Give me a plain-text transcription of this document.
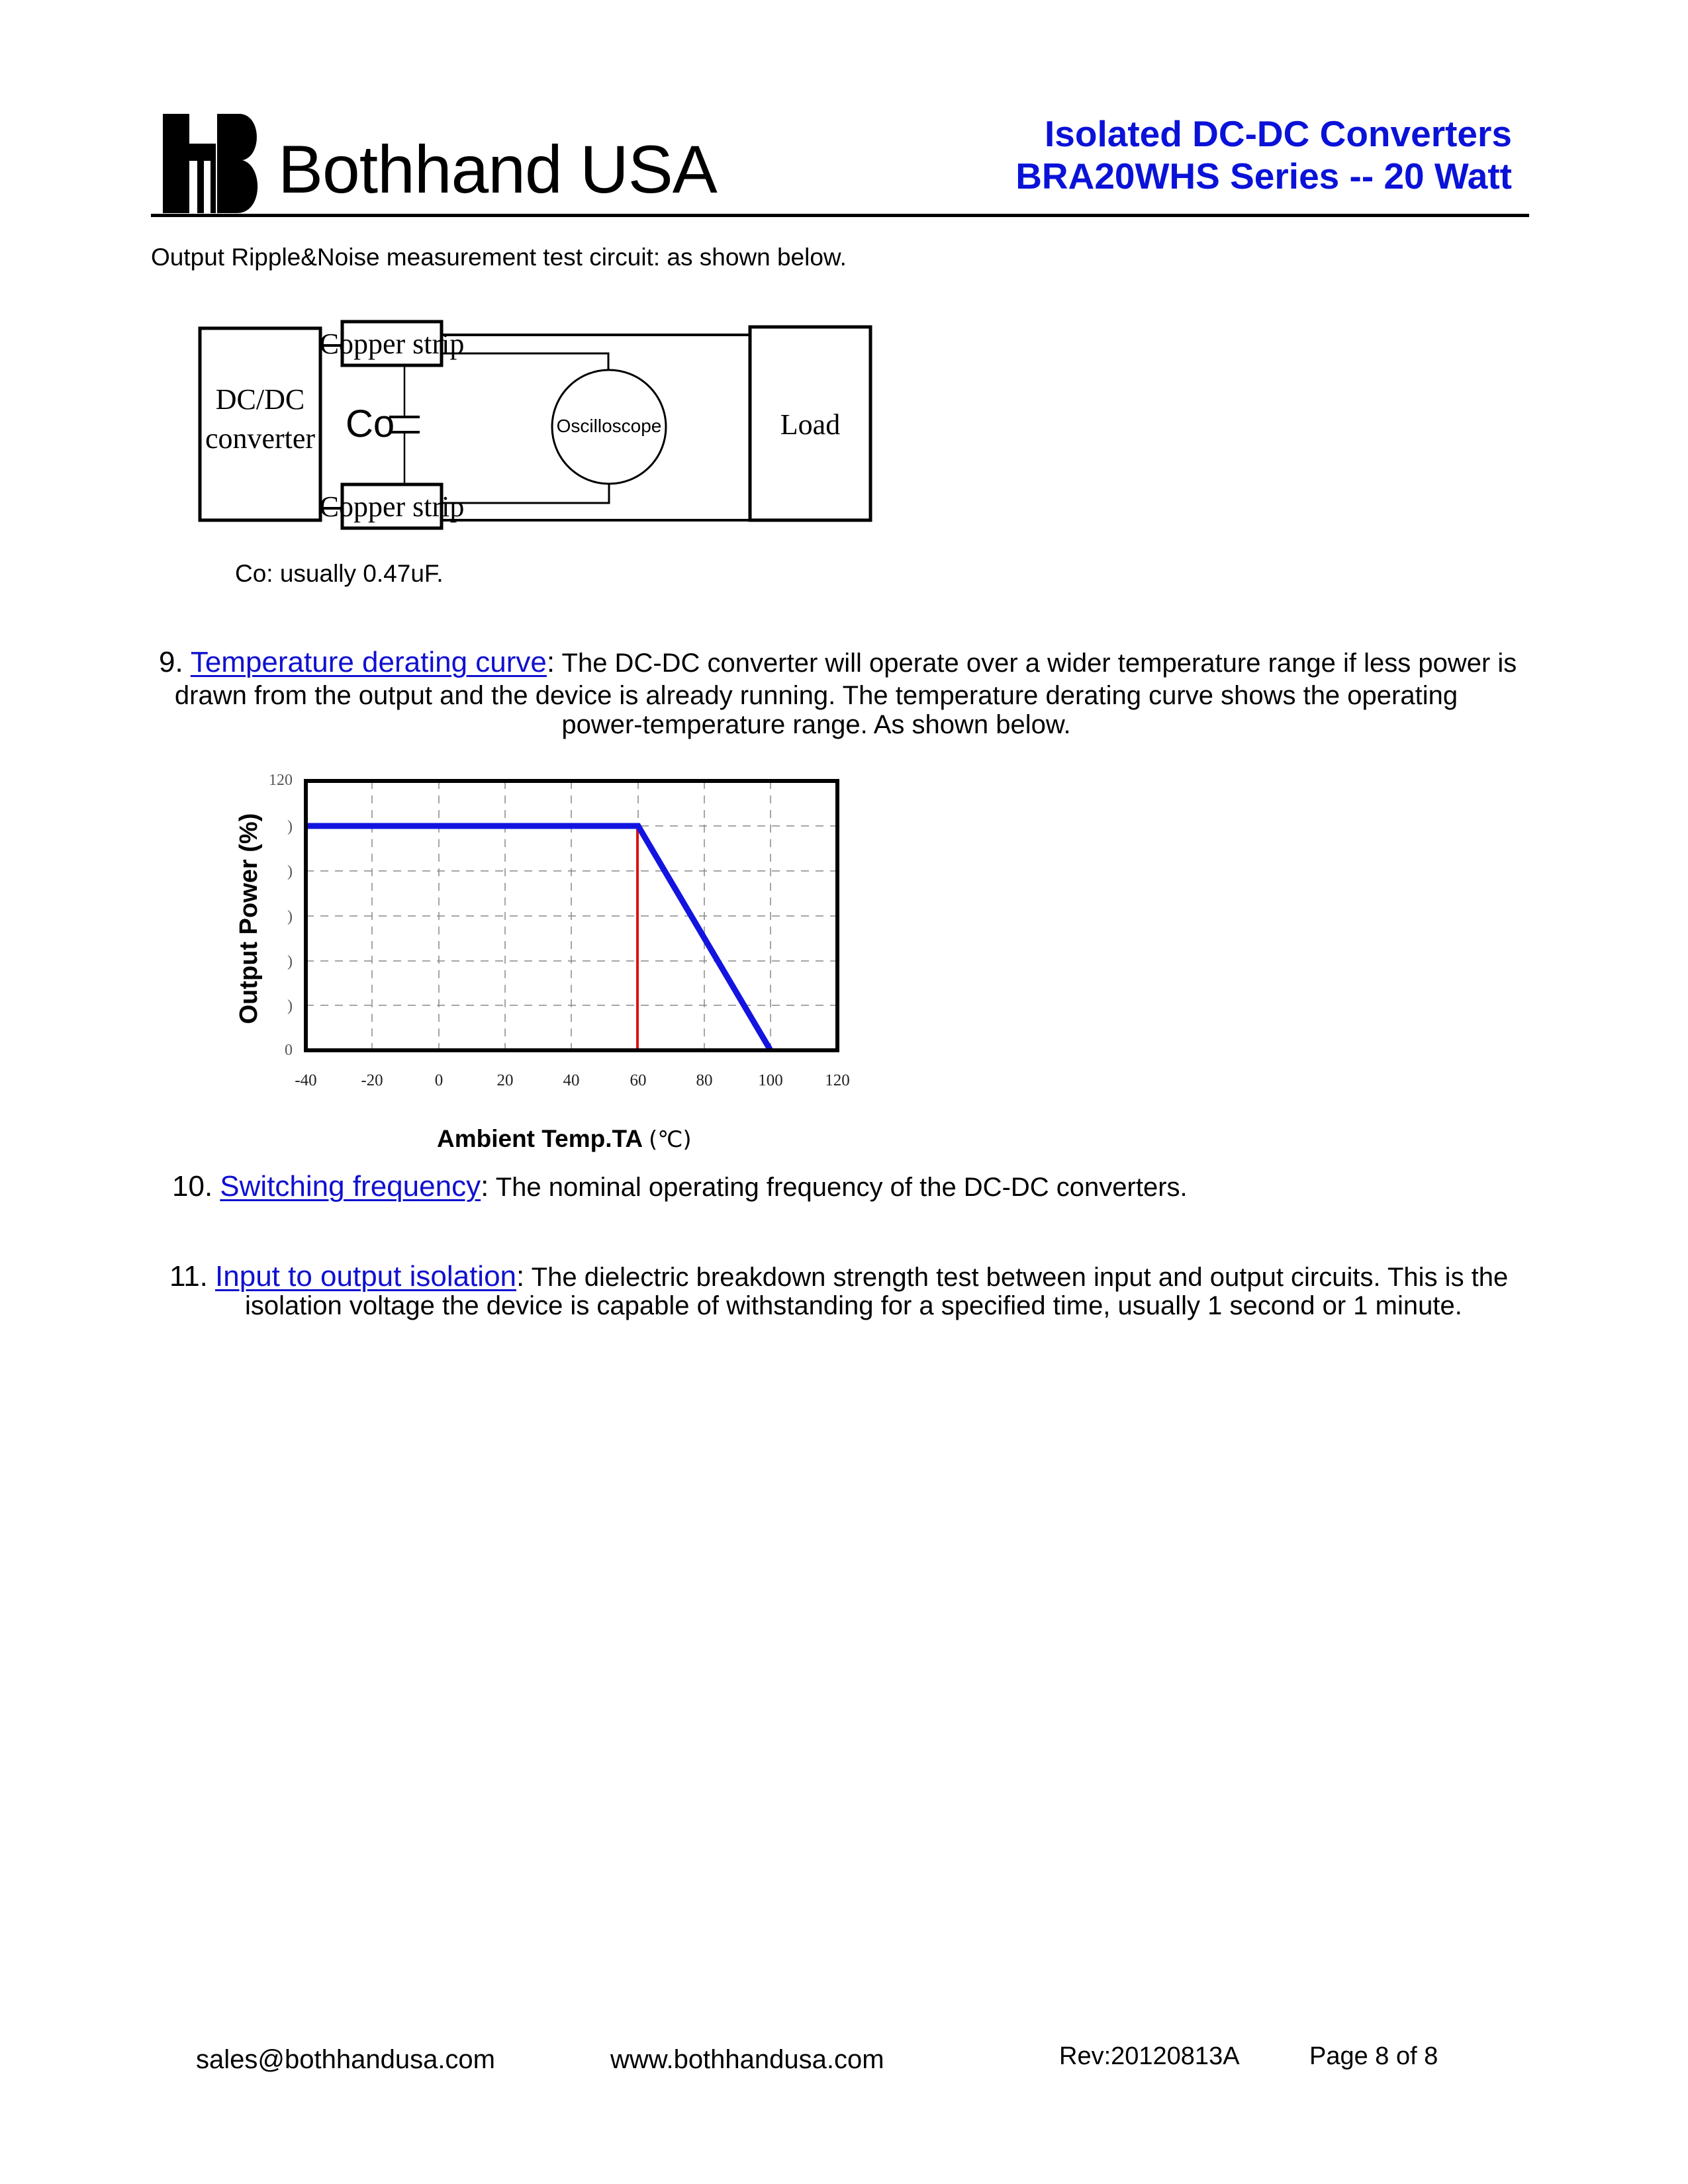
Bothhand USA	Isolated DC-DC Converters
BRA20WHS Series -- 20 Watt
Output Ripple&Noise measurement test circuit: as shown below.
DC/DC
converter
Copper strip
Copper strip
Co	Oscilloscope	Load
Co: usually 0.47uF.
9. Temperature derating curve: The DC-DC converter will operate over a wider temperature range if less power is
drawn from the output and the device is already running. The temperature derating curve shows the operating
power-temperature range. As shown below.
120
0
)
)
)
)
)
-40	-20	0	20	40	60	80	100	120
Output Power (%)
Ambient Temp.TA (℃)
10. Switching frequency: The nominal operating frequency of the DC-DC converters.
11. Input to output isolation: The dielectric breakdown strength test between input and output circuits. This is the
isolation voltage the device is capable of withstanding for a specified time, usually 1 second or 1 minute.
sales@bothhandusa.com	www.bothhandusa.com	Rev:20120813A	Page 8 of 8
